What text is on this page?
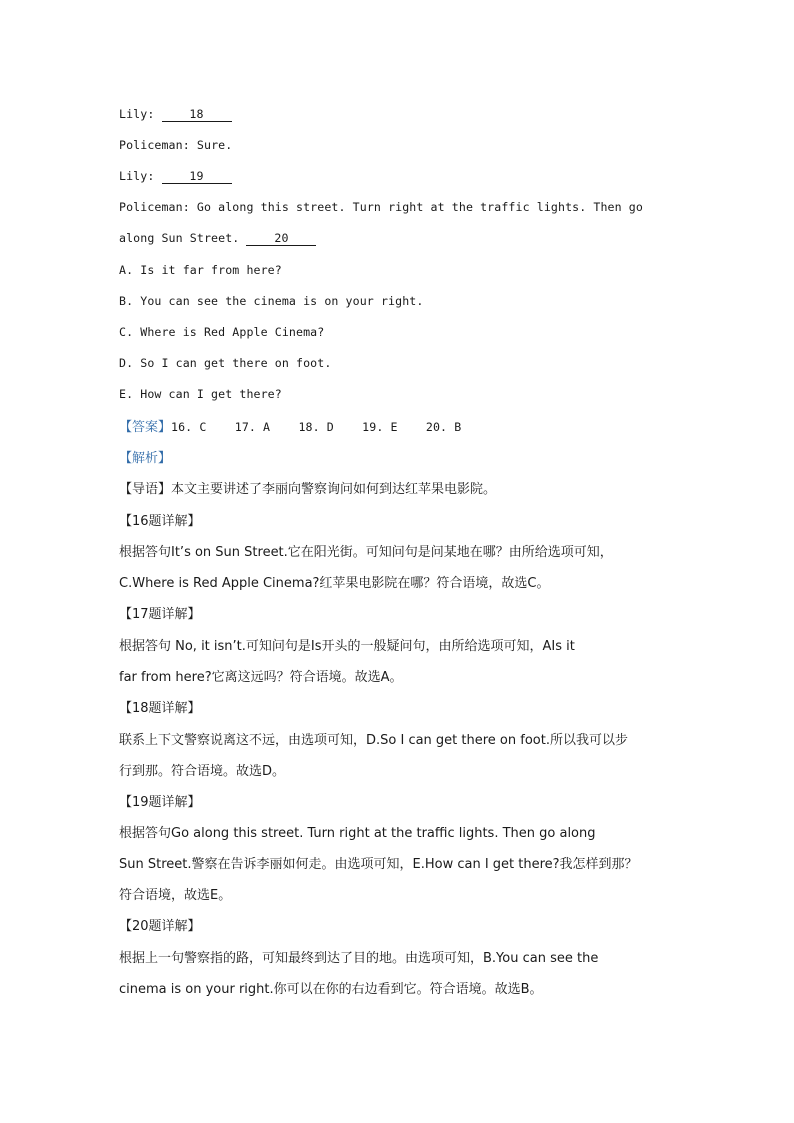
Lily:	18
Policeman: Sure.
Lily:	19
Policeman: Go along this street. Turn right at the traffic lights. Then go
along Sun Street.	20
A. Is it far from here?
B. You can see the cinema is on your right.
C. Where is Red Apple Cinema?
D. So I can get there on foot.
E. How can I get there?
【答案】16. C    17. A    18. D    19. E    20. B
【解析】
【导语】本文主要讲述了李丽向警察询问如何到达红苹果电影院。
【16题详解】
根据答句It’s on Sun Street.它在阳光街。可知问句是问某地在哪？由所给选项可知，
C.Where is Red Apple Cinema?红苹果电影院在哪？符合语境，故选C。
【17题详解】
根据答句 No, it isn’t.可知问句是Is开头的一般疑问句，由所给选项可知，AIs it
far from here?它离这远吗？符合语境。故选A。
【18题详解】
联系上下文警察说离这不远，由选项可知，D.So I can get there on foot.所以我可以步
行到那。符合语境。故选D。
【19题详解】
根据答句Go along this street. Turn right at the traffic lights. Then go along
Sun Street.警察在告诉李丽如何走。由选项可知，E.How can I get there?我怎样到那？
符合语境，故选E。
【20题详解】
根据上一句警察指的路，可知最终到达了目的地。由选项可知，B.You can see the
cinema is on your right.你可以在你的右边看到它。符合语境。故选B。
